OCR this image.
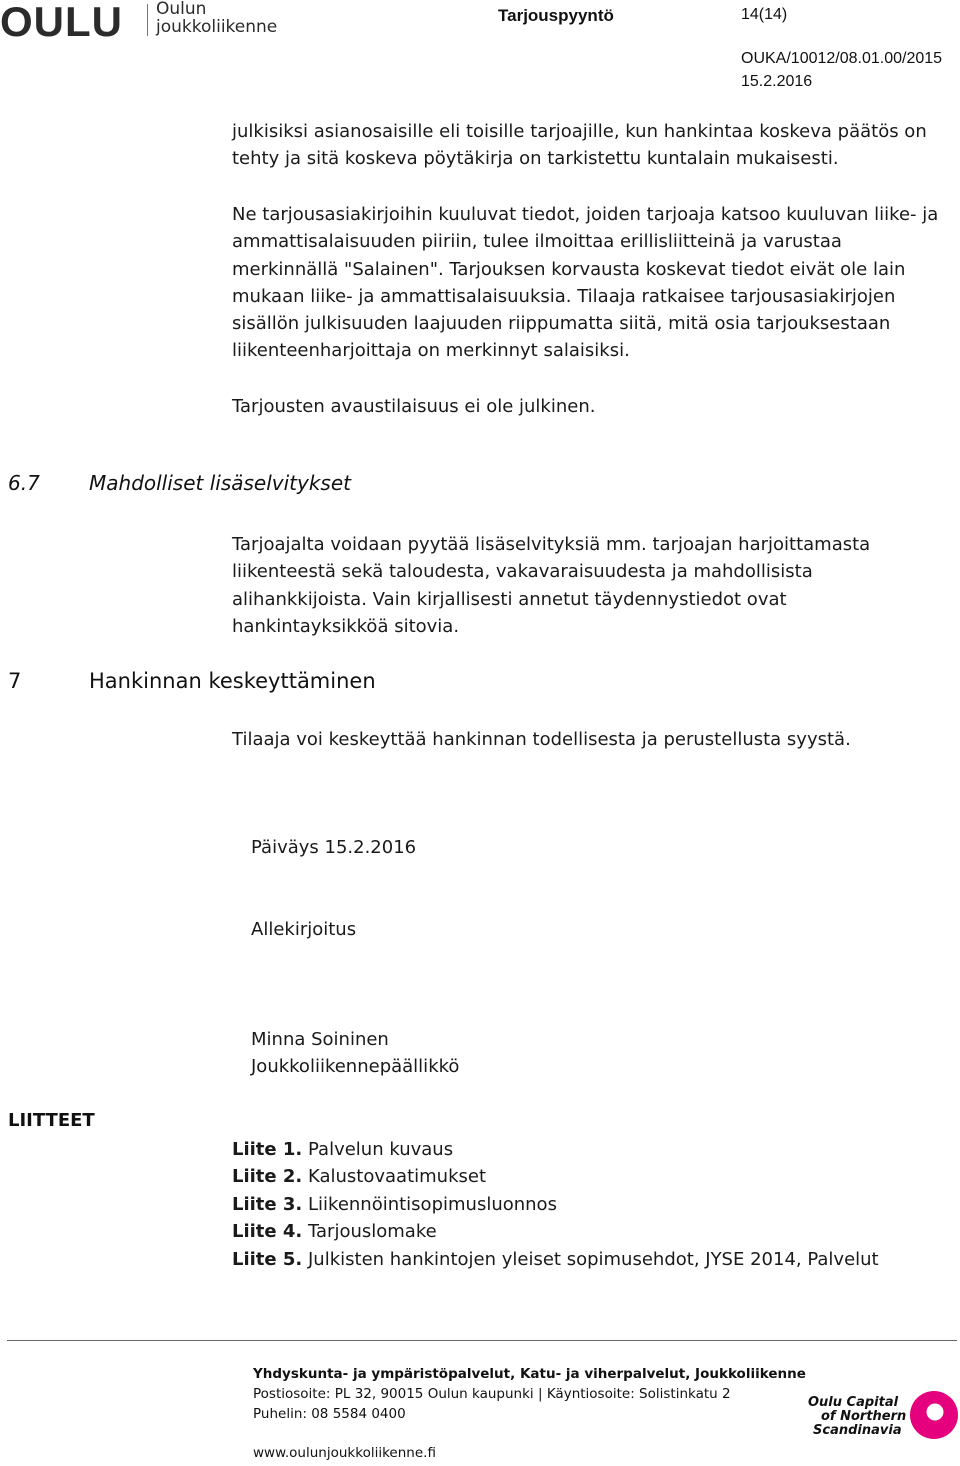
OULU Oulun
joukkoliikenne
Tarjouspyyntö	14(14)
OUKA/10012/08.01.00/2015
15.2.2016

julkisiksi asianosaisille eli toisille tarjoajille, kun hankintaa koskeva päätös on tehty ja sitä koskeva pöytäkirja on tarkistettu kuntalain mukaisesti.

Ne tarjousasiakirjoihin kuuluvat tiedot, joiden tarjoaja katsoo kuuluvan liike- ja ammattisalaisuuden piiriin, tulee ilmoittaa erillisliitteinä ja varustaa merkinnällä "Salainen". Tarjouksen korvausta koskevat tiedot eivät ole lain mukaan liike- ja ammattisalaisuuksia. Tilaaja ratkaisee tarjousasiakirjojen sisällön julkisuuden laajuuden riippumatta siitä, mitä osia tarjouksestaan liikenteenharjoittaja on merkinnyt salaisiksi.

Tarjousten avaustilaisuus ei ole julkinen.

6.7 Mahdolliset lisäselvitykset

Tarjoajalta voidaan pyytää lisäselvityksiä mm. tarjoajan harjoittamasta liikenteestä sekä taloudesta, vakavaraisuudesta ja mahdollisista alihankkijoista. Vain kirjallisesti annetut täydennystiedot ovat hankintayksikköä sitovia.

7	Hankinnan keskeyttäminen

Tilaaja voi keskeyttää hankinnan todellisesta ja perustellusta syystä.

Päiväys 15.2.2016
Allekirjoitus
Minna Soininen
Joukkoliikennepäällikkö
LIITTEET
Liite 1. Palvelun kuvaus
Liite 2. Kalustovaatimukset
Liite 3. Liikennöintisopimusluonnos
Liite 4. Tarjouslomake
Liite 5. Julkisten hankintojen yleiset sopimusehdot, JYSE 2014, Palvelut
Yhdyskunta- ja ympäristöpalvelut, Katu- ja viherpalvelut, Joukkoliikenne
Postiosoite: PL 32, 90015 Oulun kaupunki | Käyntiosoite: Solistinkatu 2
Puhelin: 08 5584 0400
www.oulunjoukkoliikenne.fi
Oulu Capital
of Northern
Scandinavia
